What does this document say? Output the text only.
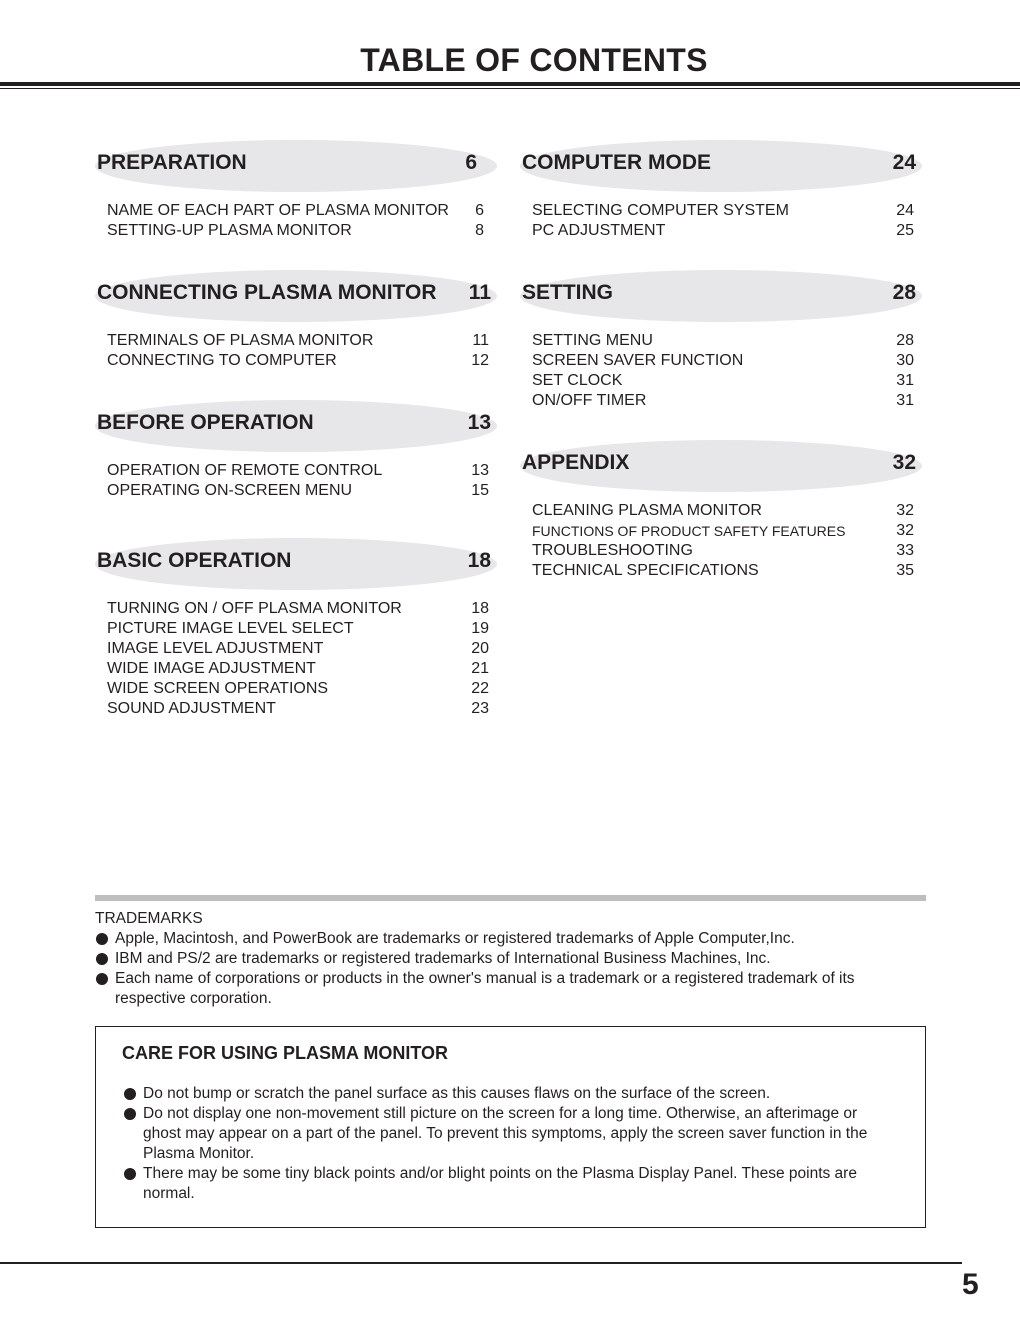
TABLE OF CONTENTS
PREPARATION	6
NAME OF EACH PART OF PLASMA MONITOR 6
SETTING-UP PLASMA MONITOR	8
CONNECTING PLASMA MONITOR 11
TERMINALS OF PLASMA MONITOR	11
CONNECTING TO COMPUTER	12
BEFORE OPERATION	13
OPERATION OF REMOTE CONTROL	13
OPERATING ON-SCREEN MENU	15
BASIC OPERATION	18
TURNING ON / OFF PLASMA MONITOR	18
PICTURE IMAGE LEVEL SELECT	19
IMAGE LEVEL ADJUSTMENT	20
WIDE IMAGE ADJUSTMENT	21
WIDE SCREEN OPERATIONS	22
SOUND ADJUSTMENT	23
COMPUTER MODE	24
SELECTING COMPUTER SYSTEM	24
PC ADJUSTMENT	25
SETTING	28
SETTING MENU	28
SCREEN SAVER FUNCTION	30
SET CLOCK	31
ON/OFF TIMER	31
APPENDIX	32
CLEANING PLASMA MONITOR	32
FUNCTIONS OF PRODUCT SAFETY FEATURES	32
TROUBLESHOOTING	33
TECHNICAL SPECIFICATIONS	35
TRADEMARKS
Apple, Macintosh, and PowerBook are trademarks or registered trademarks of Apple Computer,Inc.
IBM and PS/2 are trademarks or registered trademarks of International Business Machines, Inc.
Each name of corporations or products in the owner's manual is a trademark or a registered trademark of its respective corporation.
CARE FOR USING PLASMA MONITOR
Do not bump or scratch the panel surface as this causes flaws on the surface of the screen.
Do not display one non-movement still picture on the screen for a long time. Otherwise, an afterimage or ghost may appear on a part of the panel. To prevent this symptoms, apply the screen saver function in the Plasma Monitor.
There may be some tiny black points and/or blight points on the Plasma Display Panel. These points are normal.
5
